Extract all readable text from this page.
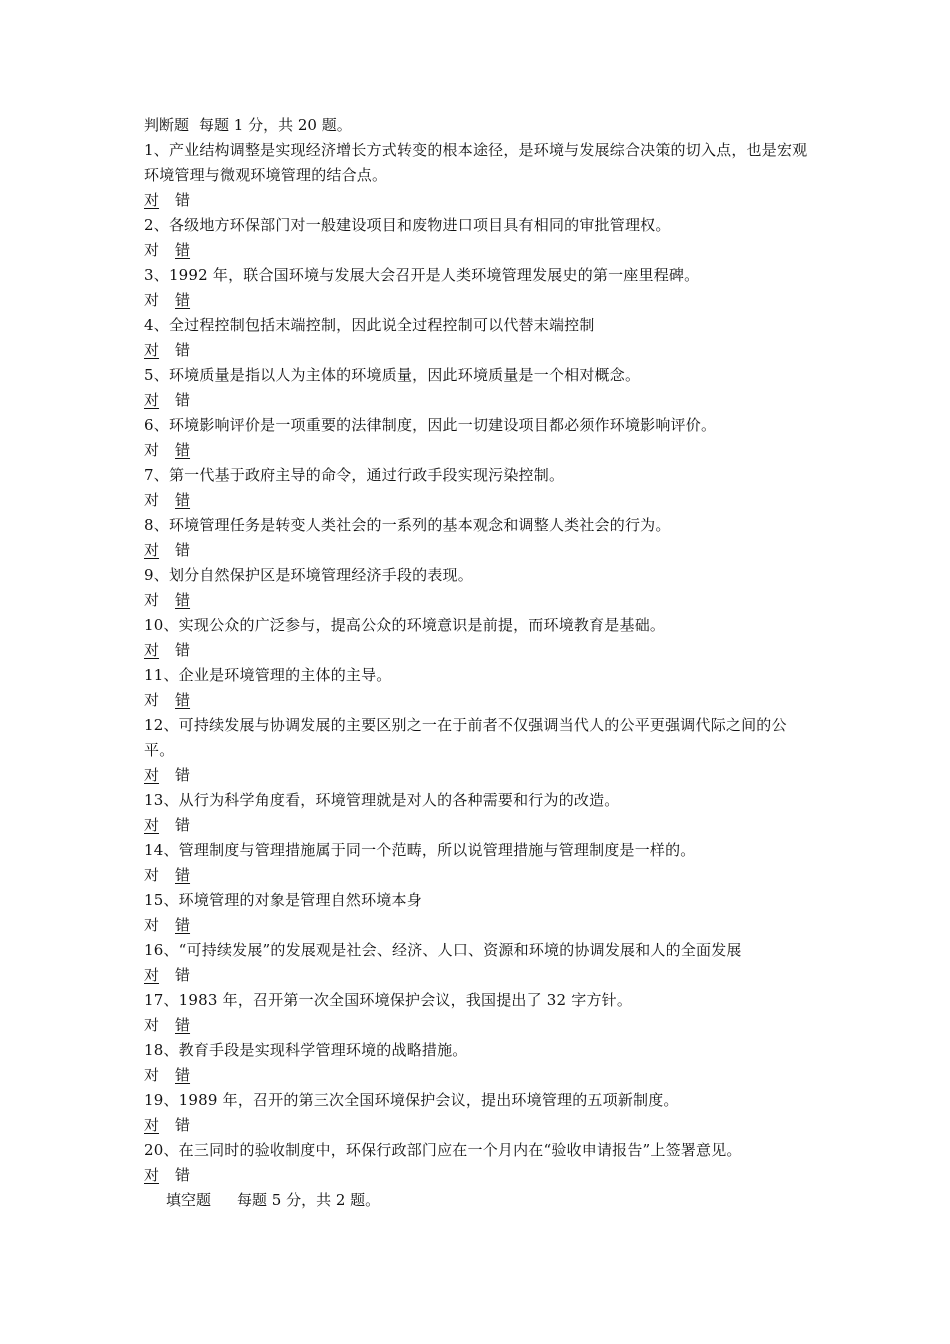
判断题 每题 1 分，共 20 题。
1、产业结构调整是实现经济增长方式转变的根本途径，是环境与发展综合决策的切入点，也是宏观环境管理与微观环境管理的结合点。
对 错
2、各级地方环保部门对一般建设项目和废物进口项目具有相同的审批管理权。
对 错
3、1992 年，联合国环境与发展大会召开是人类环境管理发展史的第一座里程碑。
对 错
4、全过程控制包括末端控制，因此说全过程控制可以代替末端控制
对 错
5、环境质量是指以人为主体的环境质量，因此环境质量是一个相对概念。
对 错
6、环境影响评价是一项重要的法律制度，因此一切建设项目都必须作环境影响评价。
对 错
7、第一代基于政府主导的命令，通过行政手段实现污染控制。
对 错
8、环境管理任务是转变人类社会的一系列的基本观念和调整人类社会的行为。
对 错
9、划分自然保护区是环境管理经济手段的表现。
对 错
10、实现公众的广泛参与，提高公众的环境意识是前提，而环境教育是基础。
对 错
11、企业是环境管理的主体的主导。
对 错
12、可持续发展与协调发展的主要区别之一在于前者不仅强调当代人的公平更强调代际之间的公平。
对 错
13、从行为科学角度看，环境管理就是对人的各种需要和行为的改造。
对 错
14、管理制度与管理措施属于同一个范畴，所以说管理措施与管理制度是一样的。
对 错
15、环境管理的对象是管理自然环境本身
对 错
16、“可持续发展”的发展观是社会、经济、人口、资源和环境的协调发展和人的全面发展
对 错
17、1983 年，召开第一次全国环境保护会议，我国提出了 32 字方针。
对 错
18、教育手段是实现科学管理环境的战略措施。
对 错
19、1989 年，召开的第三次全国环境保护会议，提出环境管理的五项新制度。
对 错
20、在三同时的验收制度中，环保行政部门应在一个月内在“验收申请报告”上签署意见。
对 错
填空题 每题 5 分，共 2 题。
